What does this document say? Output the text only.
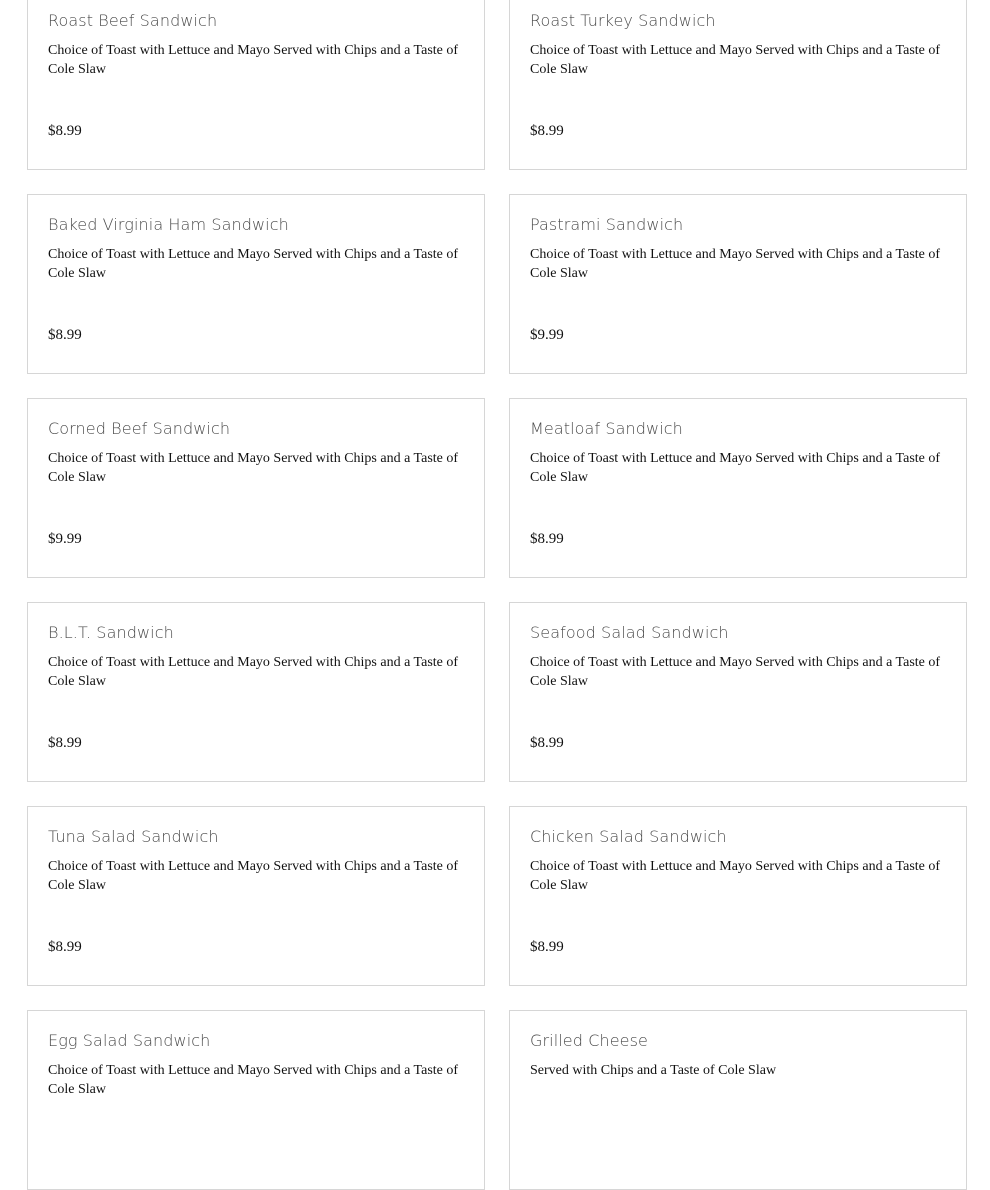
Roast Beef Sandwich
Choice of Toast with Lettuce and Mayo Served with Chips and a Taste of Cole Slaw
$8.99
Roast Turkey Sandwich
Choice of Toast with Lettuce and Mayo Served with Chips and a Taste of Cole Slaw
$8.99
Baked Virginia Ham Sandwich
Choice of Toast with Lettuce and Mayo Served with Chips and a Taste of Cole Slaw
$8.99
Pastrami Sandwich
Choice of Toast with Lettuce and Mayo Served with Chips and a Taste of Cole Slaw
$9.99
Corned Beef Sandwich
Choice of Toast with Lettuce and Mayo Served with Chips and a Taste of Cole Slaw
$9.99
Meatloaf Sandwich
Choice of Toast with Lettuce and Mayo Served with Chips and a Taste of Cole Slaw
$8.99
B.L.T. Sandwich
Choice of Toast with Lettuce and Mayo Served with Chips and a Taste of Cole Slaw
$8.99
Seafood Salad Sandwich
Choice of Toast with Lettuce and Mayo Served with Chips and a Taste of Cole Slaw
$8.99
Tuna Salad Sandwich
Choice of Toast with Lettuce and Mayo Served with Chips and a Taste of Cole Slaw
$8.99
Chicken Salad Sandwich
Choice of Toast with Lettuce and Mayo Served with Chips and a Taste of Cole Slaw
$8.99
Egg Salad Sandwich
Choice of Toast with Lettuce and Mayo Served with Chips and a Taste of Cole Slaw
Grilled Cheese
Served with Chips and a Taste of Cole Slaw
